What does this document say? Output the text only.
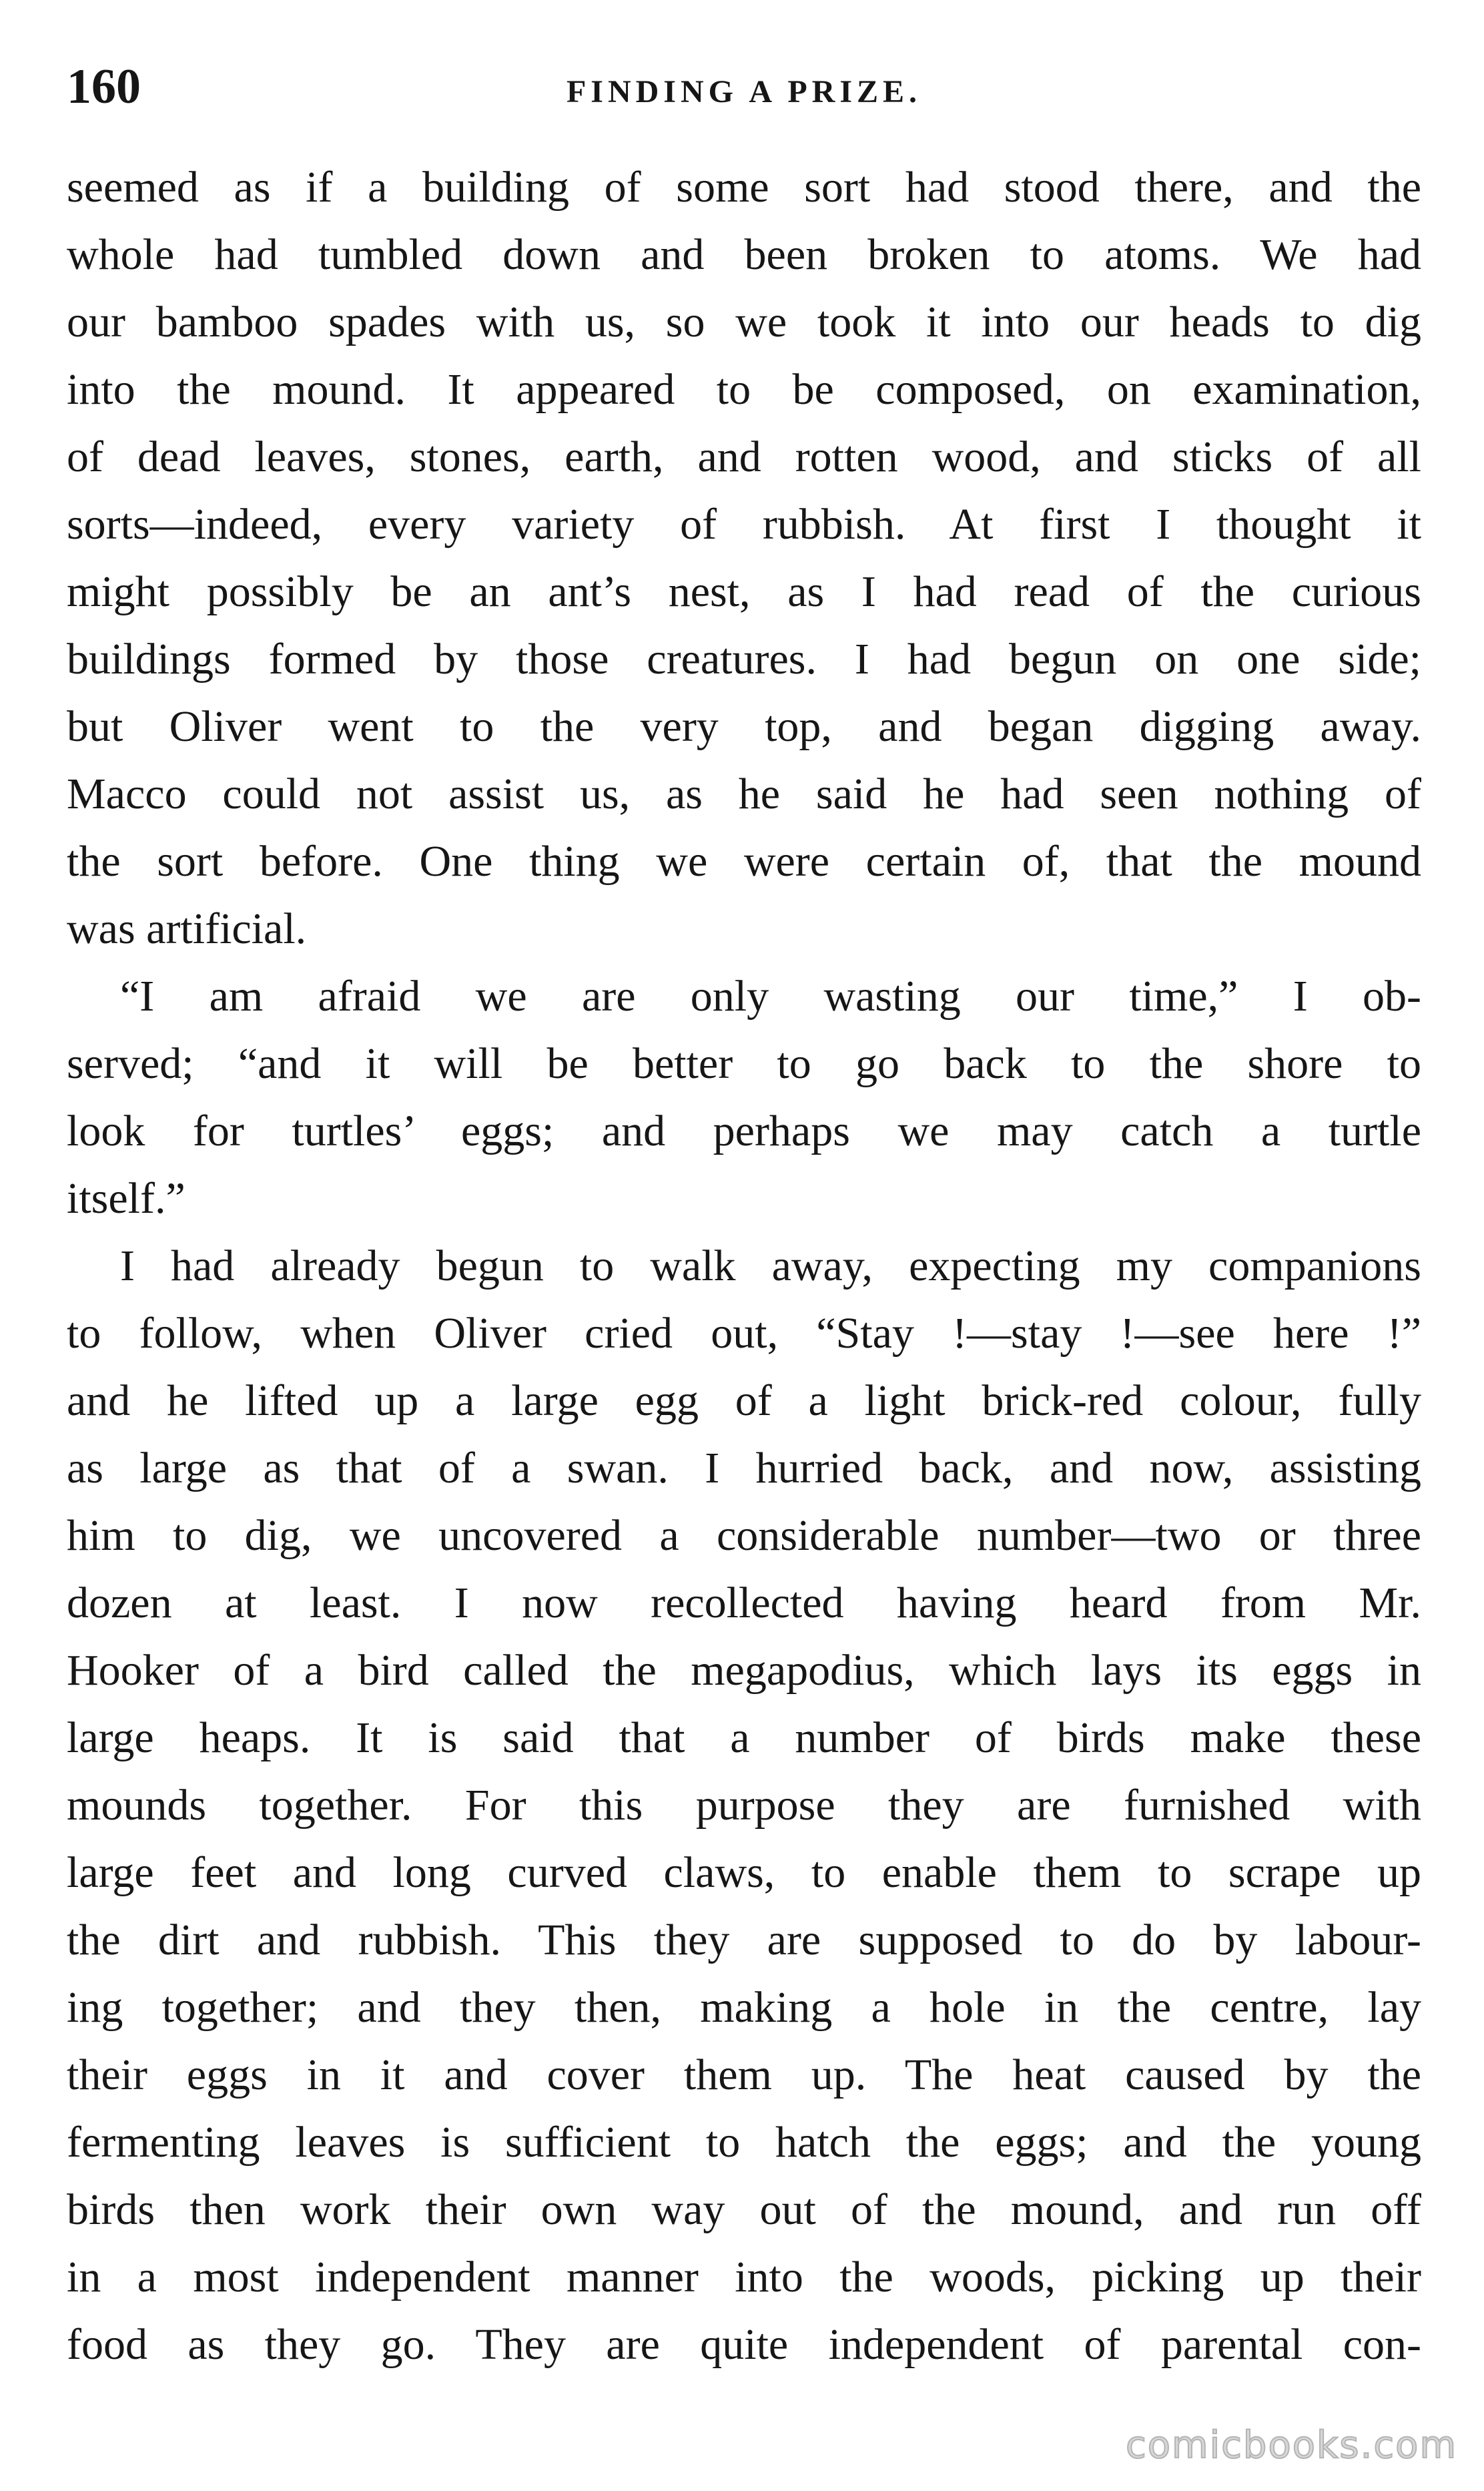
160	FINDING A PRIZE.
seemed as if a building of some sort had stood there, and the
whole had tumbled down and been broken to atoms. We had
our bamboo spades with us, so we took it into our heads to dig
into the mound. It appeared to be composed, on examination,
of dead leaves, stones, earth, and rotten wood, and sticks of all
sorts—indeed, every variety of rubbish. At first I thought it
might possibly be an ant’s nest, as I had read of the curious
buildings formed by those creatures. I had begun on one side;
but Oliver went to the very top, and began digging away.
Macco could not assist us, as he said he had seen nothing of
the sort before. One thing we were certain of, that the mound
was artificial.
“I am afraid we are only wasting our time,” I ob-
served; “and it will be better to go back to the shore to
look for turtles’ eggs; and perhaps we may catch a turtle
itself.”
I had already begun to walk away, expecting my companions
to follow, when Oliver cried out, “Stay !—stay !—see here !”
and he lifted up a large egg of a light brick-red colour, fully
as large as that of a swan. I hurried back, and now, assisting
him to dig, we uncovered a considerable number—two or three
dozen at least. I now recollected having heard from Mr.
Hooker of a bird called the megapodius, which lays its eggs in
large heaps. It is said that a number of birds make these
mounds together. For this purpose they are furnished with
large feet and long curved claws, to enable them to scrape up
the dirt and rubbish. This they are supposed to do by labour-
ing together; and they then, making a hole in the centre, lay
their eggs in it and cover them up. The heat caused by the
fermenting leaves is sufficient to hatch the eggs; and the young
birds then work their own way out of the mound, and run off
in a most independent manner into the woods, picking up their
food as they go. They are quite independent of parental con-
comicbooks.com
